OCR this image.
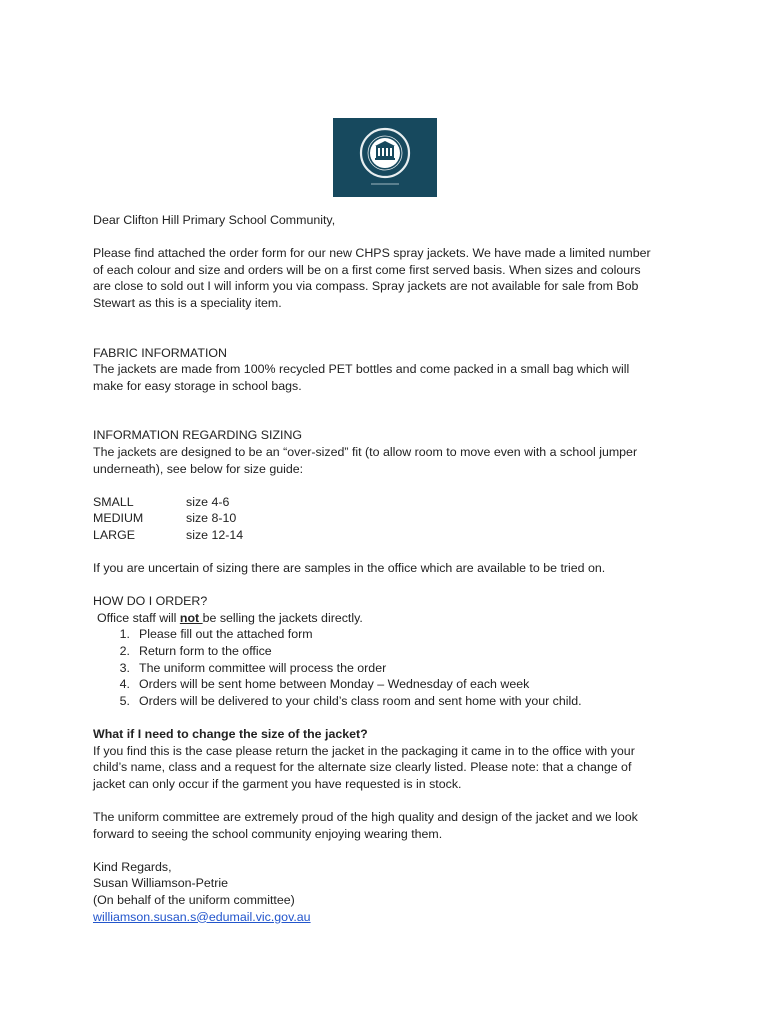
Dear Clifton Hill Primary School Community,

Please find attached the order form for our new CHPS spray jackets. We have made a limited number

of each colour and size and orders will be on a first come first served basis. When sizes and colours

are close to sold out I will inform you via compass. Spray jackets are not available for sale from Bob

Stewart as this is a speciality item.

FABRIC INFORMATION

The jackets are made from 100% recycled PET bottles and come packed in a small bag which will

make for easy storage in school bags.

INFORMATION REGARDING SIZING

The jackets are designed to be an “over-sized” fit (to allow room to move even with a school jumper

underneath), see below for size guide:

SMALL	size 4-6
MEDIUM	size 8-10
LARGE	size 12-14

If you are uncertain of sizing there are samples in the office which are available to be tried on.

HOW DO I ORDER?

Office staff will not be selling the jackets directly.

1. Please fill out the attached form
2. Return form to the office
3. The uniform committee will process the order
4. Orders will be sent home between Monday – Wednesday of each week
5. Orders will be delivered to your child’s class room and sent home with your child.

What if I need to change the size of the jacket?

If you find this is the case please return the jacket in the packaging it came in to the office with your

child’s name, class and a request for the alternate size clearly listed. Please note: that a change of

jacket can only occur if the garment you have requested is in stock.

The uniform committee are extremely proud of the high quality and design of the jacket and we look

forward to seeing the school community enjoying wearing them.

Kind Regards,

Susan Williamson-Petrie

(On behalf of the uniform committee)

williamson.susan.s@edumail.vic.gov.au
